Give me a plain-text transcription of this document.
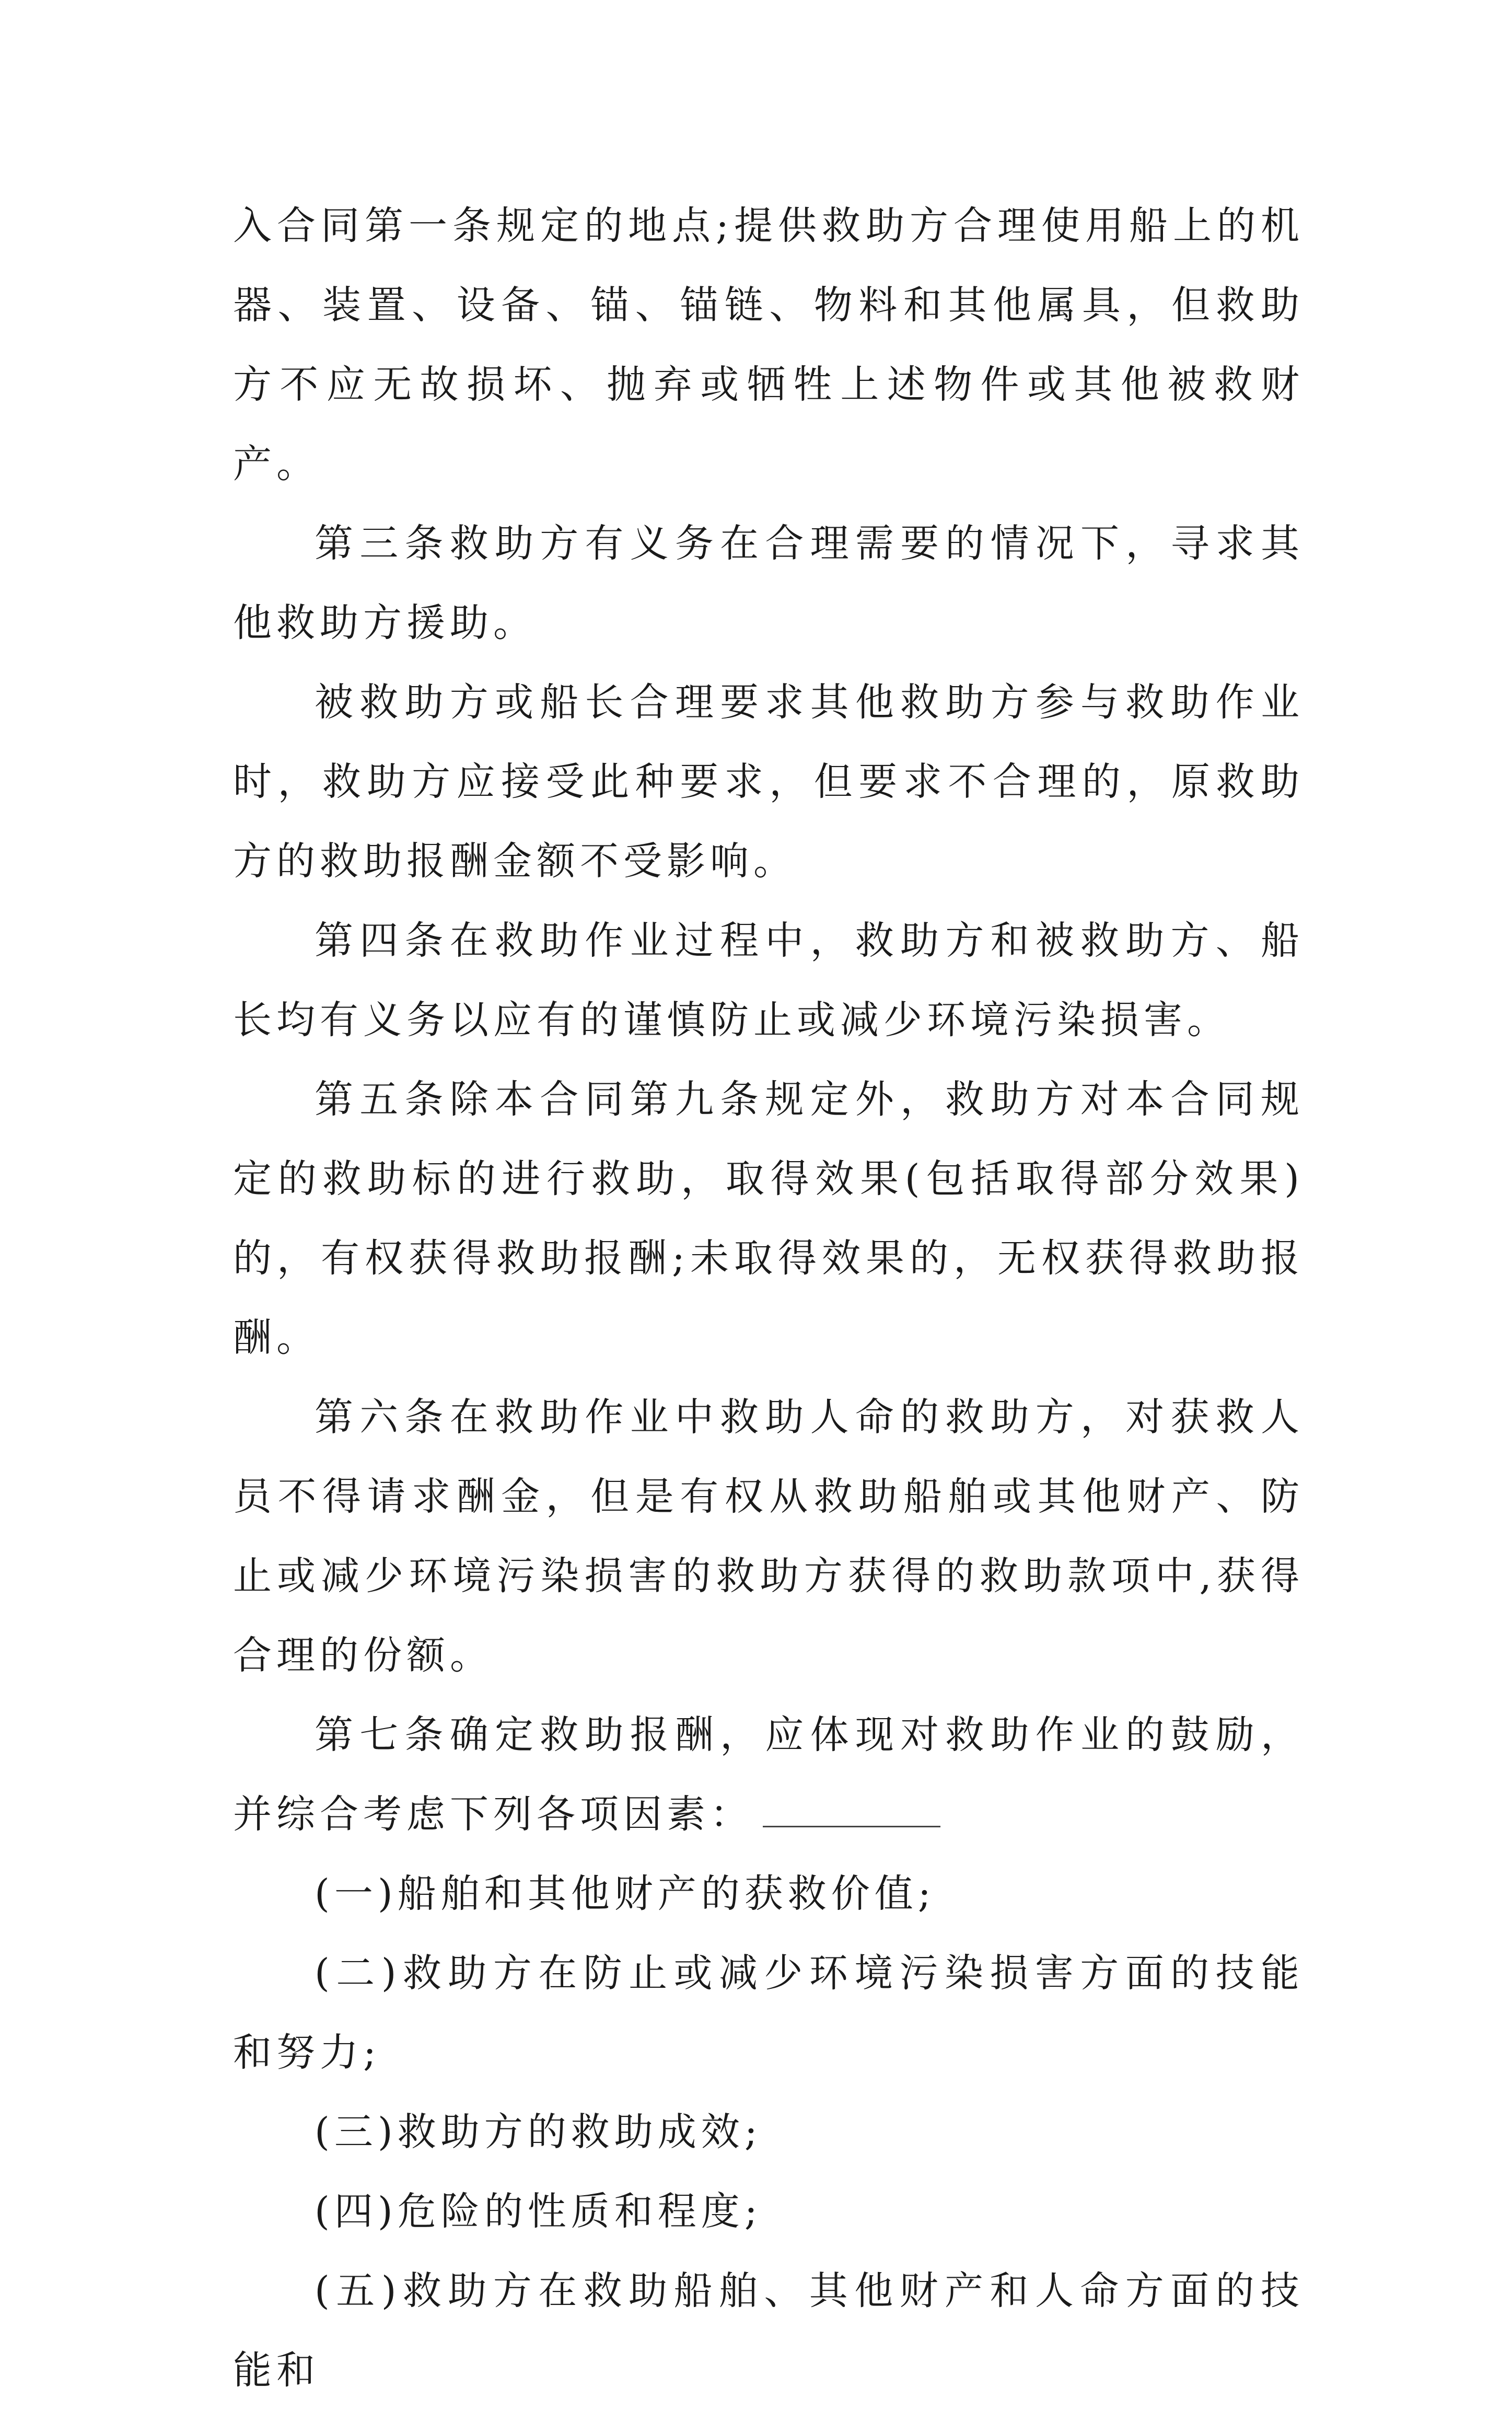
入合同第一条规定的地点;提供救助方合理使用船上的机器、装置、设备、锚、锚链、物料和其他属具，但救助方不应无故损坏、抛弃或牺牲上述物件或其他被救财产。

第三条救助方有义务在合理需要的情况下，寻求其他救助方援助。

被救助方或船长合理要求其他救助方参与救助作业时，救助方应接受此种要求，但要求不合理的，原救助方的救助报酬金额不受影响。

第四条在救助作业过程中，救助方和被救助方、船长均有义务以应有的谨慎防止或减少环境污染损害。

第五条除本合同第九条规定外，救助方对本合同规定的救助标的进行救助，取得效果(包括取得部分效果)的，有权获得救助报酬;未取得效果的，无权获得救助报酬。

第六条在救助作业中救助人命的救助方，对获救人员不得请求酬金，但是有权从救助船舶或其他财产、防止或减少环境污染损害的救助方获得的救助款项中,获得合理的份额。

第七条确定救助报酬，应体现对救助作业的鼓励，并综合考虑下列各项因素：

(一)船舶和其他财产的获救价值;

(二)救助方在防止或减少环境污染损害方面的技能和努力;

(三)救助方的救助成效;

(四)危险的性质和程度;

(五)救助方在救助船舶、其他财产和人命方面的技能和
